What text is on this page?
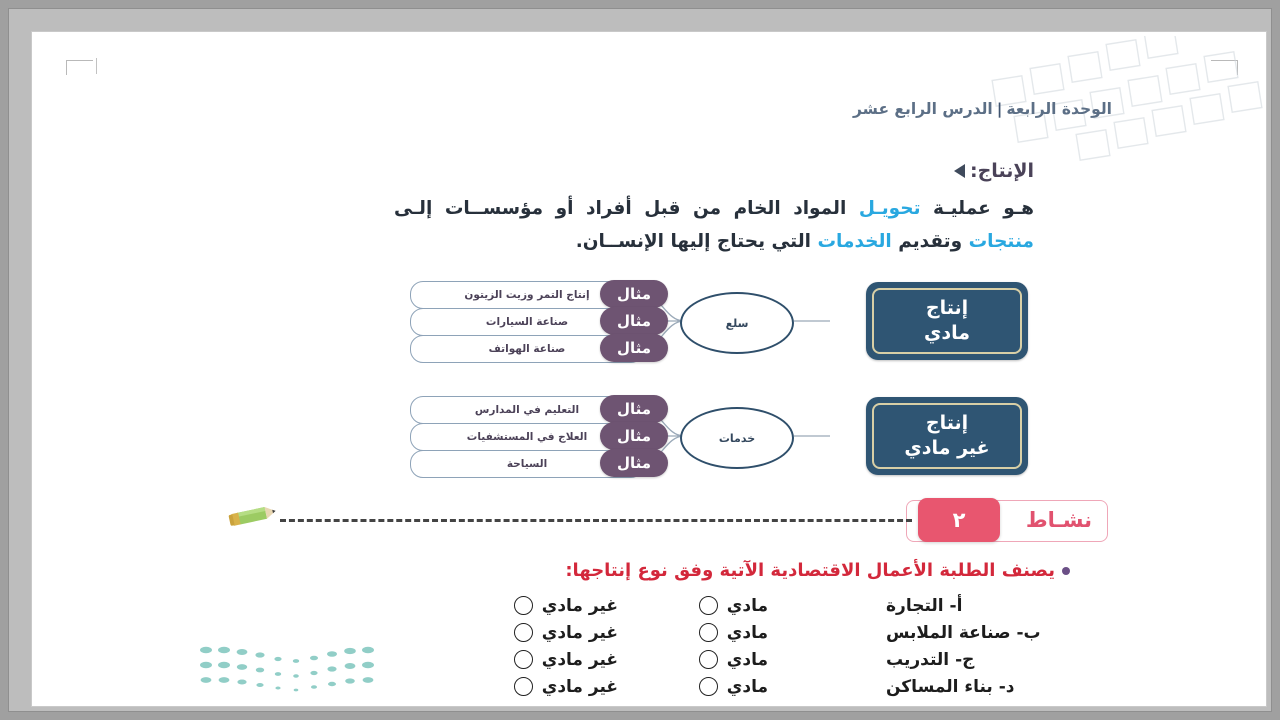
الوحدة الرابعة|الدرس الرابع عشر
الإنتاج:
هـو عمليـة تحويـل المواد الخام من قبل أفراد أو مؤسســات إلـى منتجات وتقديم الخدمات التي يحتاج إليها الإنســان.
إنتاج
مادي
سلع
إنتاج التمر وزيت الزيتون مثال
صناعة السيارات	مثال
صناعة الهواتف	مثال
إنتاج
غير مادي
خدمات
التعليم في المدارس	مثال
العلاج في المستشفيات مثال
السياحة	مثال
نشـاط
٢
يصنف الطلبة الأعمال الاقتصادية الآتية وفق نوع إنتاجها:
أ- التجارة
مادي
غير مادي
ب- صناعة الملابس
مادي
غير مادي
ج- التدريب
مادي
غير مادي
د- بناء المساكن
مادي
غير مادي
